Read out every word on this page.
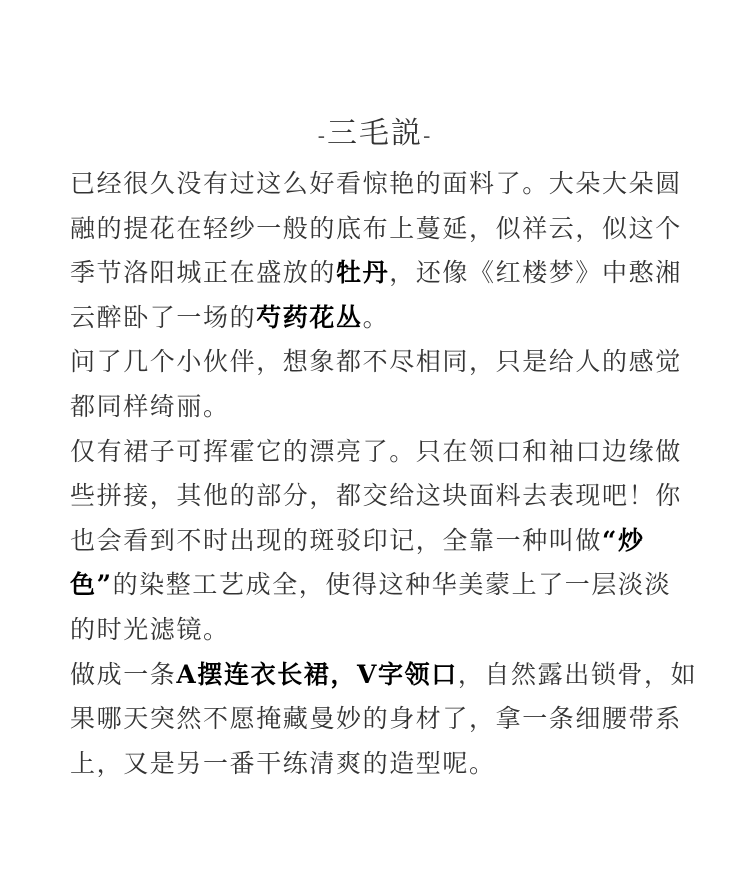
-三毛説-
已经很久没有过这么好看惊艳的面料了。大朵大朵圆
融的提花在轻纱一般的底布上蔓延，似祥云，似这个
季节洛阳城正在盛放的牡丹，还像《红楼梦》中憨湘
云醉卧了一场的芍药花丛。
问了几个小伙伴，想象都不尽相同，只是给人的感觉
都同样绮丽。
仅有裙子可挥霍它的漂亮了。只在领口和袖口边缘做
些拼接，其他的部分，都交给这块面料去表现吧！你
也会看到不时出现的斑驳印记，全靠一种叫做“炒
色”的染整工艺成全，使得这种华美蒙上了一层淡淡
的时光滤镜。
做成一条A摆连衣长裙，V字领口，自然露出锁骨，如
果哪天突然不愿掩藏曼妙的身材了，拿一条细腰带系
上，又是另一番干练清爽的造型呢。
